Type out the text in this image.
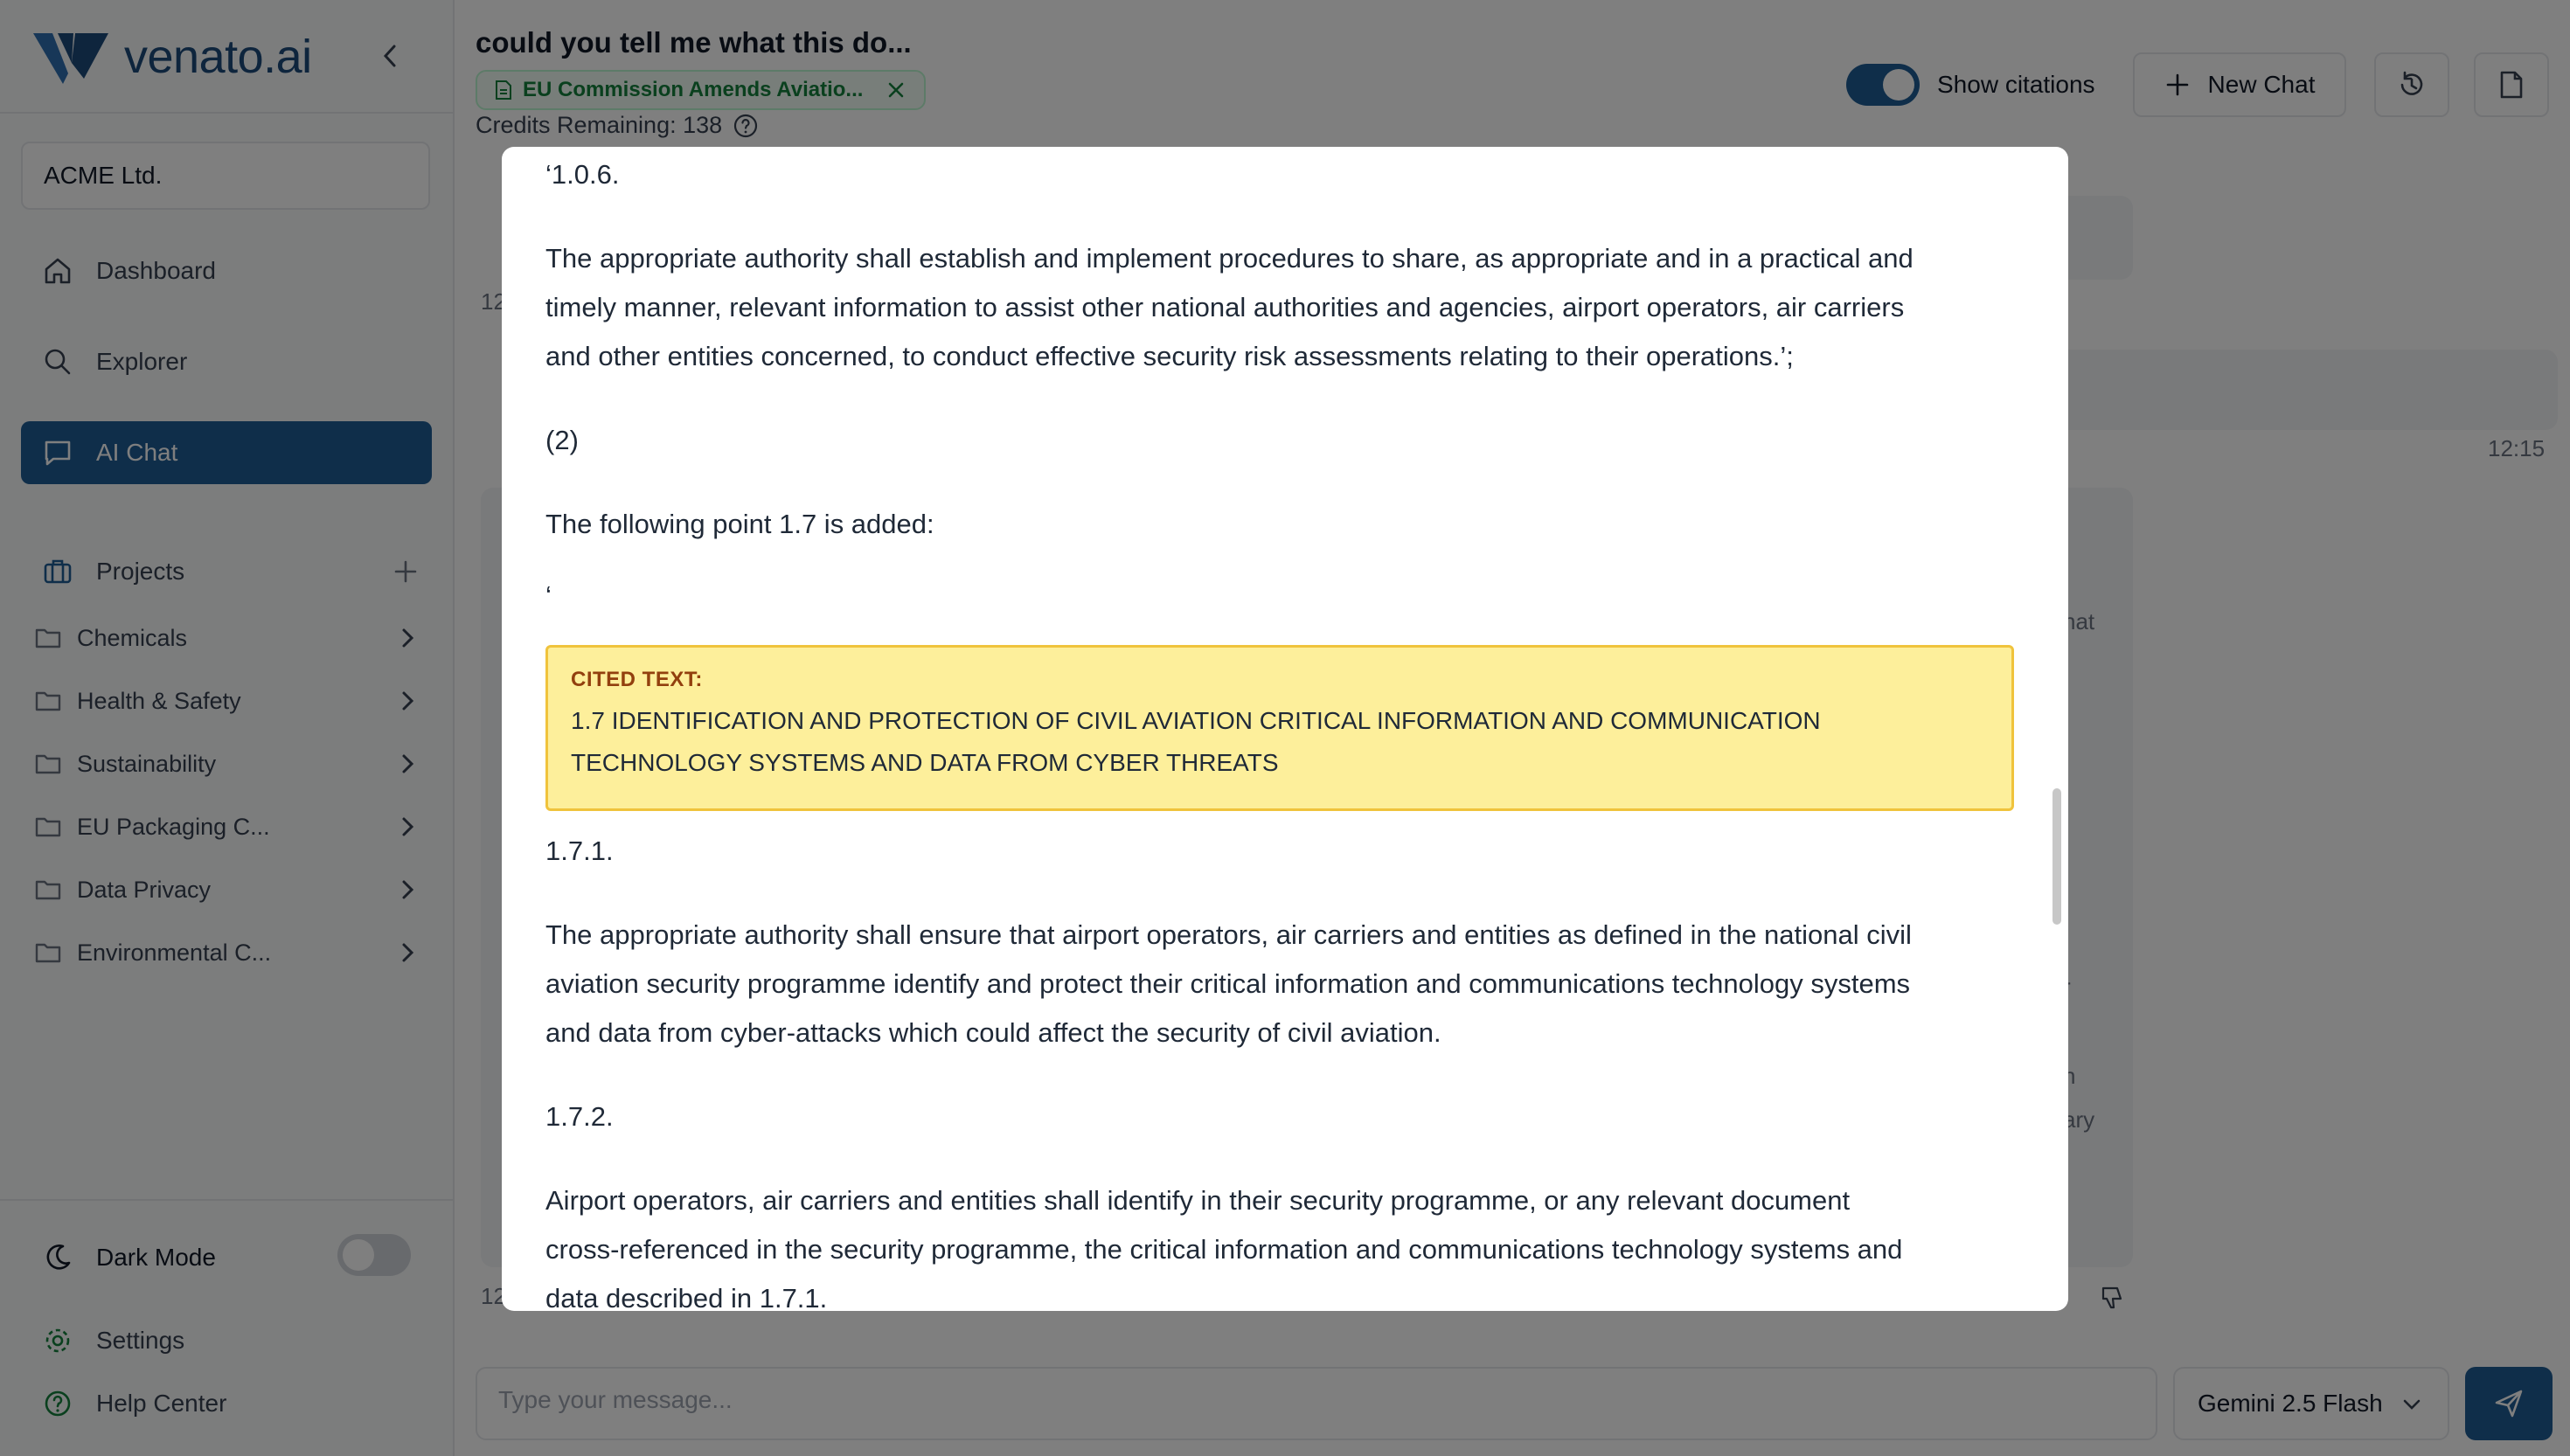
‘1.0.6.
The appropriate authority shall establish and implement procedures to share, as appropriate and in a practical and
timely manner, relevant information to assist other national authorities and agencies, airport operators, air carriers
and other entities concerned, to conduct effective security risk assessments relating to their operations.’;
(2)
The following point 1.7 is added:
‘
CITED TEXT:
1.7 IDENTIFICATION AND PROTECTION OF CIVIL AVIATION CRITICAL INFORMATION AND COMMUNICATION
TECHNOLOGY SYSTEMS AND DATA FROM CYBER THREATS
1.7.1.
The appropriate authority shall ensure that airport operators, air carriers and entities as defined in the national civil
aviation security programme identify and protect their critical information and communications technology systems
and data from cyber-attacks which could affect the security of civil aviation.
1.7.2.
Airport operators, air carriers and entities shall identify in their security programme, or any relevant document
cross-referenced in the security programme, the critical information and communications technology systems and
data described in 1.7.1.
